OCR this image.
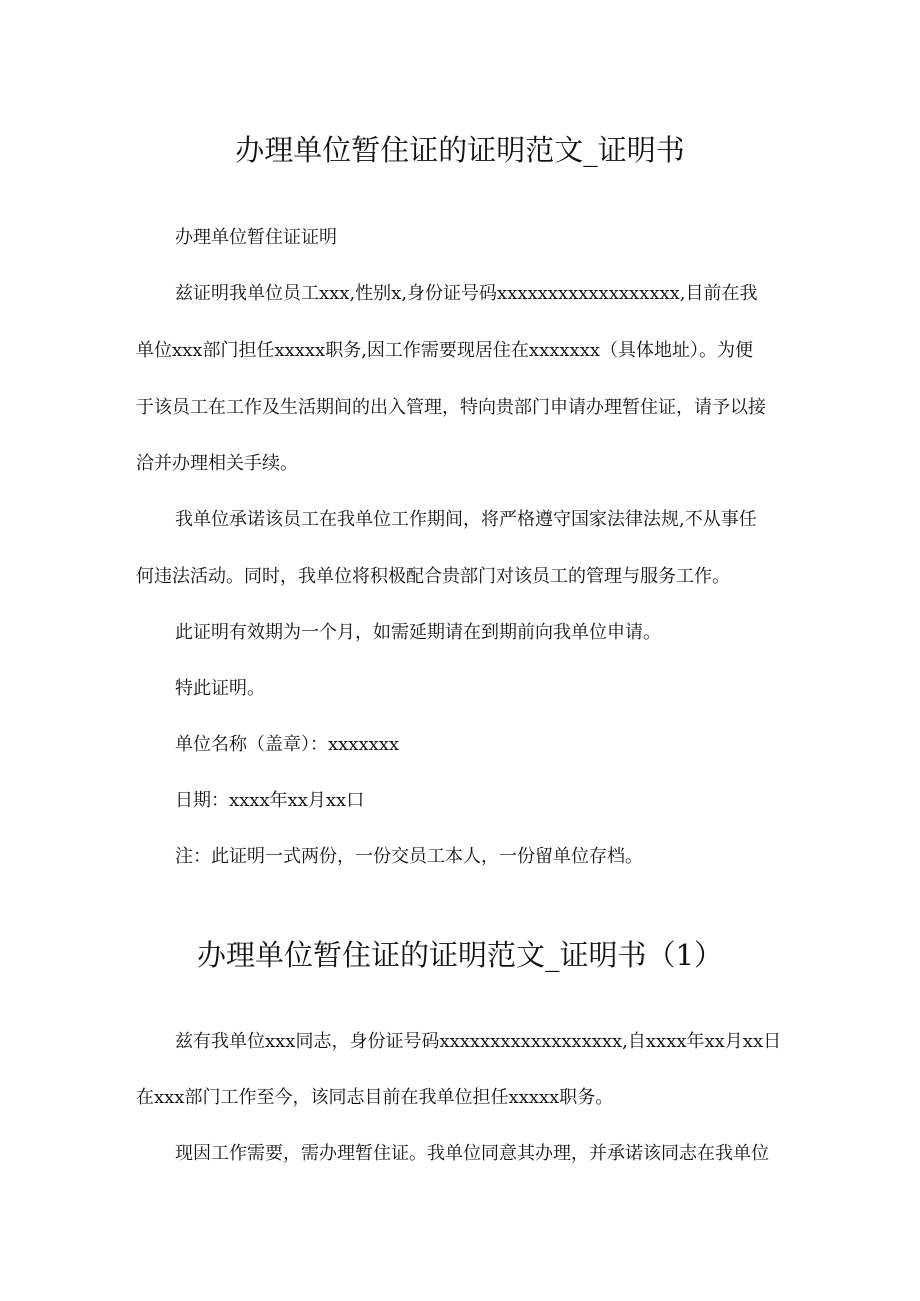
办理单位暂住证的证明范文_证明书

办理单位暂住证证明

兹证明我单位员工xxx,性别x,身份证号码xxxxxxxxxxxxxxxxxx,目前在我

单位xxx部门担任xxxxx职务,因工作需要现居住在xxxxxxx（具体地址）。为便

于该员工在工作及生活期间的出入管理，特向贵部门申请办理暂住证，请予以接

洽并办理相关手续。

我单位承诺该员工在我单位工作期间，将严格遵守国家法律法规,不从事任

何违法活动。同时，我单位将积极配合贵部门对该员工的管理与服务工作。

此证明有效期为一个月，如需延期请在到期前向我单位申请。

特此证明。

单位名称（盖章）：xxxxxxx

日期：xxxx年xx月xx口

注：此证明一式两份，一份交员工本人，一份留单位存档。

办理单位暂住证的证明范文_证明书（1）

兹有我单位xxx同志，身份证号码xxxxxxxxxxxxxxxxxx,自xxxx年xx月xx日

在xxx部门工作至今，该同志目前在我单位担任xxxxx职务。

现因工作需要，需办理暂住证。我单位同意其办理，并承诺该同志在我单位
